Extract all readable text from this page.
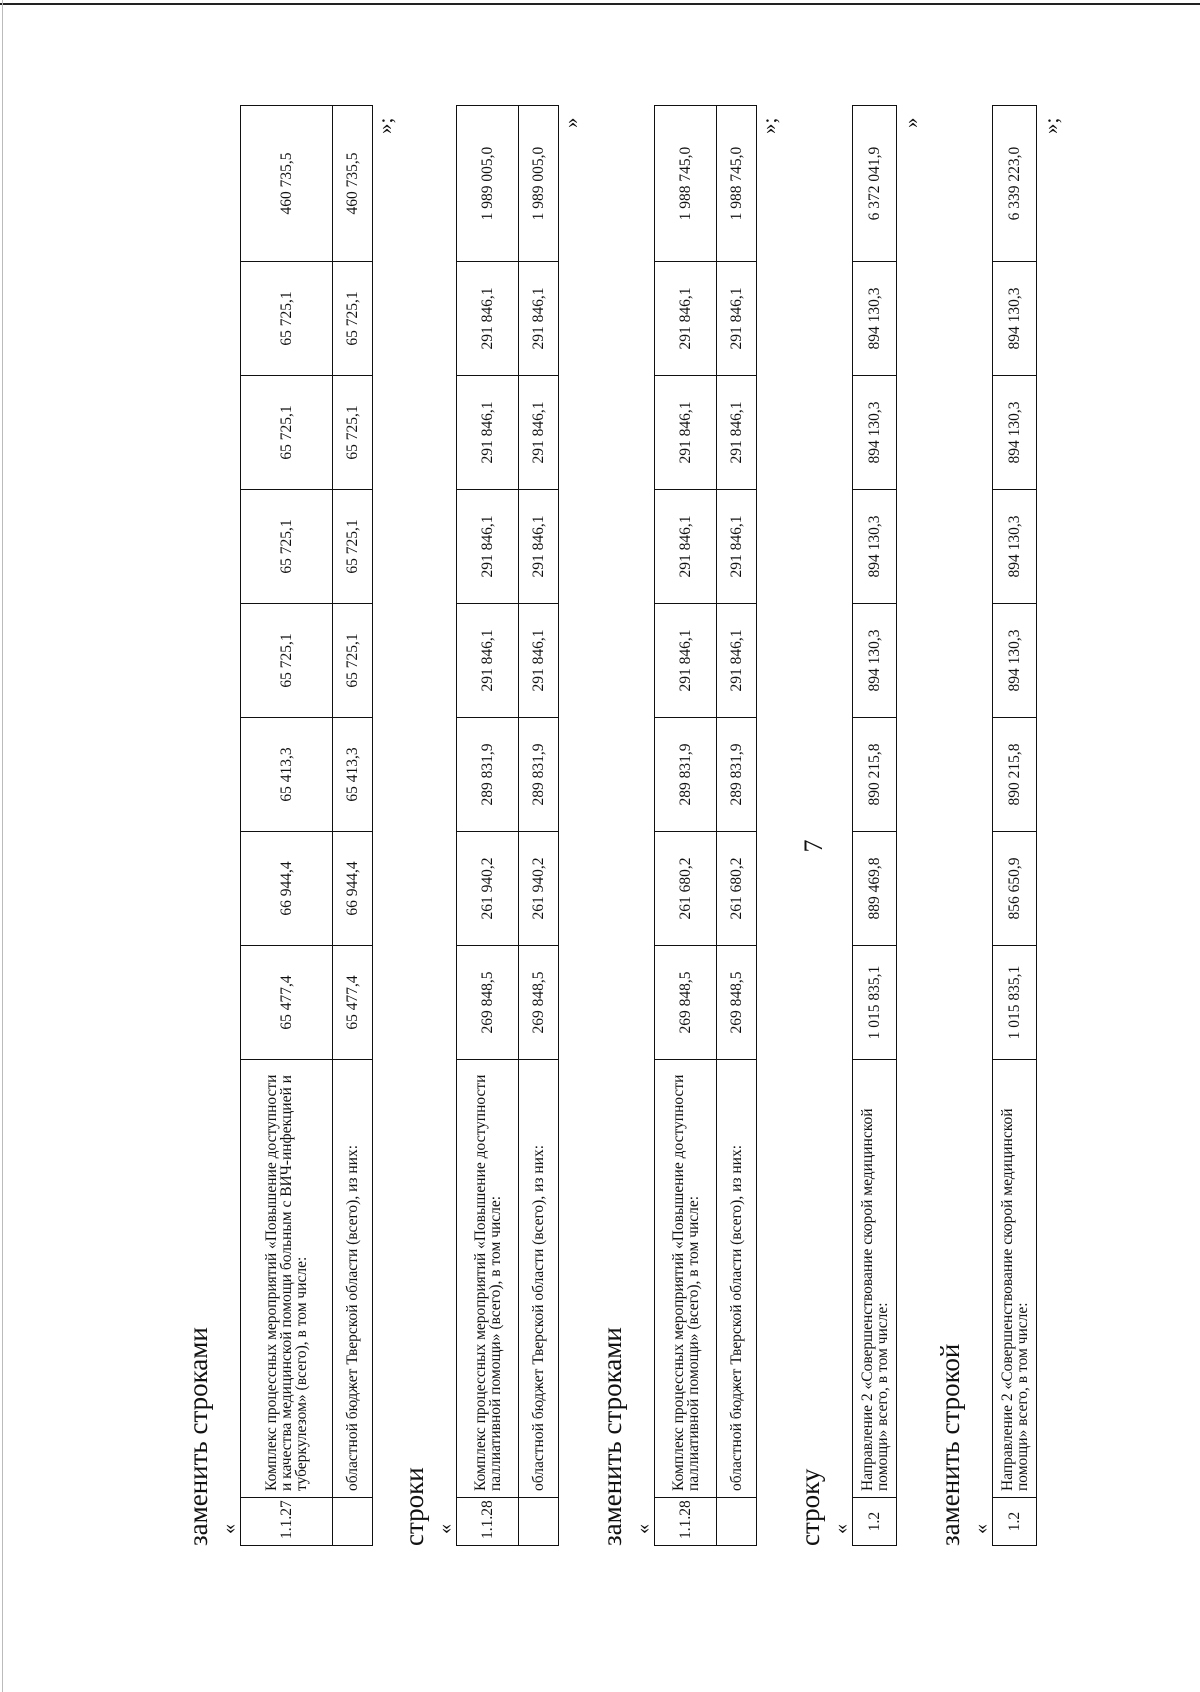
7
заменить строками « 1.1.27	Комплекс процессных мероприятий «Повышение доступности и качества медицинской помощи больным с ВИЧ-инфекцией и туберкулезом» (всего), в том числе:	65 477,4	66 944,4	65 413,3	65 725,1	65 725,1	65 725,1	65 725,1	460 735,5
	областной бюджет Тверской области (всего), из них:	65 477,4	66 944,4	65 413,3	65 725,1	65 725,1	65 725,1	65 725,1	460 735,5
»;
строки « 1.1.28	Комплекс процессных мероприятий «Повышение доступности паллиативной помощи» (всего), в том числе:	269 848,5	261 940,2	289 831,9	291 846,1	291 846,1	291 846,1	291 846,1	1 989 005,0
	областной бюджет Тверской области (всего), из них:	269 848,5	261 940,2	289 831,9	291 846,1	291 846,1	291 846,1	291 846,1	1 989 005,0
»
заменить строками « 1.1.28	Комплекс процессных мероприятий «Повышение доступности паллиативной помощи» (всего), в том числе:	269 848,5	261 680,2	289 831,9	291 846,1	291 846,1	291 846,1	291 846,1	1 988 745,0
	областной бюджет Тверской области (всего), из них:	269 848,5	261 680,2	289 831,9	291 846,1	291 846,1	291 846,1	291 846,1	1 988 745,0
»;
строку « 1.2	Направление 2 «Совершенствование скорой медицинской помощи» всего, в том числе:	1 015 835,1	889 469,8	890 215,8	894 130,3	894 130,3	894 130,3	894 130,3	6 372 041,9
»
заменить строкой « 1.2	Направление 2 «Совершенствование скорой медицинской помощи» всего, в том числе:	1 015 835,1	856 650,9	890 215,8	894 130,3	894 130,3	894 130,3	894 130,3	6 339 223,0
»;
